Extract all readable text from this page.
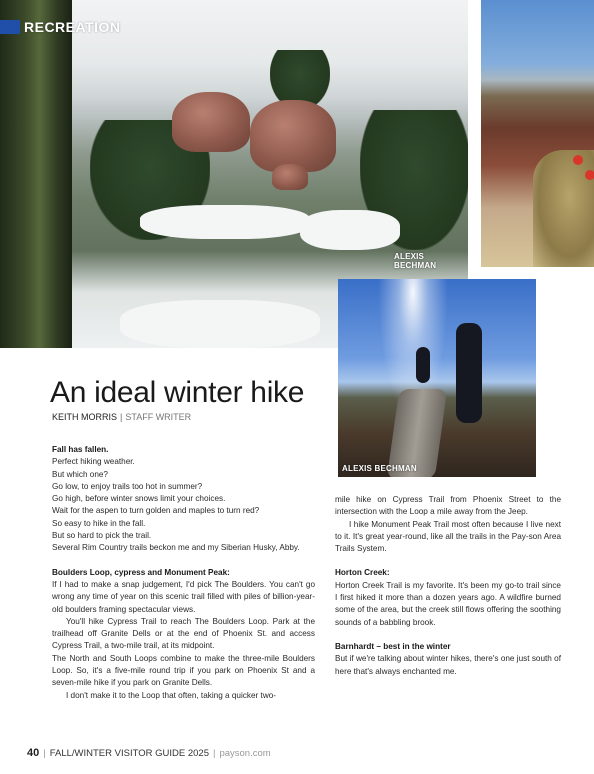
ALEXIS BECHMAN
ALEXIS BECHMAN
RECREATION
An ideal winter hike
KEITH MORRIS | STAFF WRITER
Fall has fallen.

Perfect hiking weather.

But which one?

Go low, to enjoy trails too hot in summer?

Go high, before winter snows limit your choices.

Wait for the aspen to turn golden and maples to turn red?

So easy to hike in the fall.

But so hard to pick the trail.

Several Rim Country trails beckon me and my Siberian Husky, Abby.

Boulders Loop, cypress and Monument Peak:

If I had to make a snap judgement, I'd pick The Boulders. You can't go wrong any time of year on this scenic trail filled with piles of billion-year-old boulders framing spectacular views.

You'll hike Cypress Trail to reach The Boulders Loop. Park at the trailhead off Granite Dells or at the end of Phoenix St. and access Cypress Trail, a two-mile trail, at its midpoint.

The North and South Loops combine to make the three-mile Boulders Loop. So, it's a five-mile round trip if you park on Phoenix St and a seven-mile hike if you park on Granite Dells.

I don't make it to the Loop that often, taking a quicker two-

mile hike on Cypress Trail from Phoenix Street to the intersection with the Loop a mile away from the Jeep.

I hike Monument Peak Trail most often because I live next to it. It's great year-round, like all the trails in the Pay-son Area Trails System.

Horton Creek:

Horton Creek Trail is my favorite. It's been my go-to trail since I first hiked it more than a dozen years ago. A wildfire burned some of the area, but the creek still flows offering the soothing sounds of a babbling brook.

Barnhardt – best in the winter

But if we're talking about winter hikes, there's one just south of here that's always enchanted me.

40 | FALL/WINTER VISITOR GUIDE 2025 | payson.com
